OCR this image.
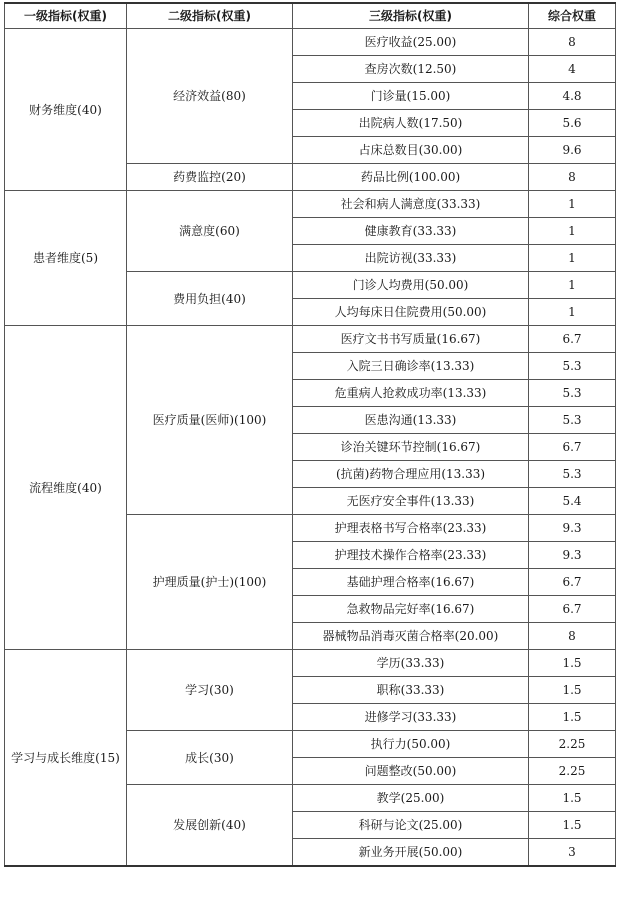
一级指标(权重)	二级指标(权重)	三级指标(权重)	综合权重
财务维度(40)	经济效益(80)	医疗收益(25.00)	8
		查房次数(12.50)	4
		门诊量(15.00)	4.8
		出院病人数(17.50)	5.6
		占床总数目(30.00)	9.6
	药费监控(20)	药品比例(100.00)	8
患者维度(5)	满意度(60)	社会和病人满意度(33.33)	1
		健康教育(33.33)	1
		出院访视(33.33)	1
	费用负担(40)	门诊人均费用(50.00)	1
		人均每床日住院费用(50.00)	1
流程维度(40)	医疗质量(医师)(100)	医疗文书书写质量(16.67)	6.7
		入院三日确诊率(13.33)	5.3
		危重病人抢救成功率(13.33)	5.3
		医患沟通(13.33)	5.3
		诊治关键环节控制(16.67)	6.7
		(抗菌)药物合理应用(13.33)	5.3
		无医疗安全事件(13.33)	5.4
	护理质量(护士)(100)	护理表格书写合格率(23.33)	9.3
		护理技术操作合格率(23.33)	9.3
		基础护理合格率(16.67)	6.7
		急救物品完好率(16.67)	6.7
		器械物品消毒灭菌合格率(20.00)	8
学习与成长维度(15)	学习(30)	学历(33.33)	1.5
		职称(33.33)	1.5
		进修学习(33.33)	1.5
	成长(30)	执行力(50.00)	2.25
		问题整改(50.00)	2.25
	发展创新(40)	教学(25.00)	1.5
		科研与论文(25.00)	1.5
		新业务开展(50.00)	3
